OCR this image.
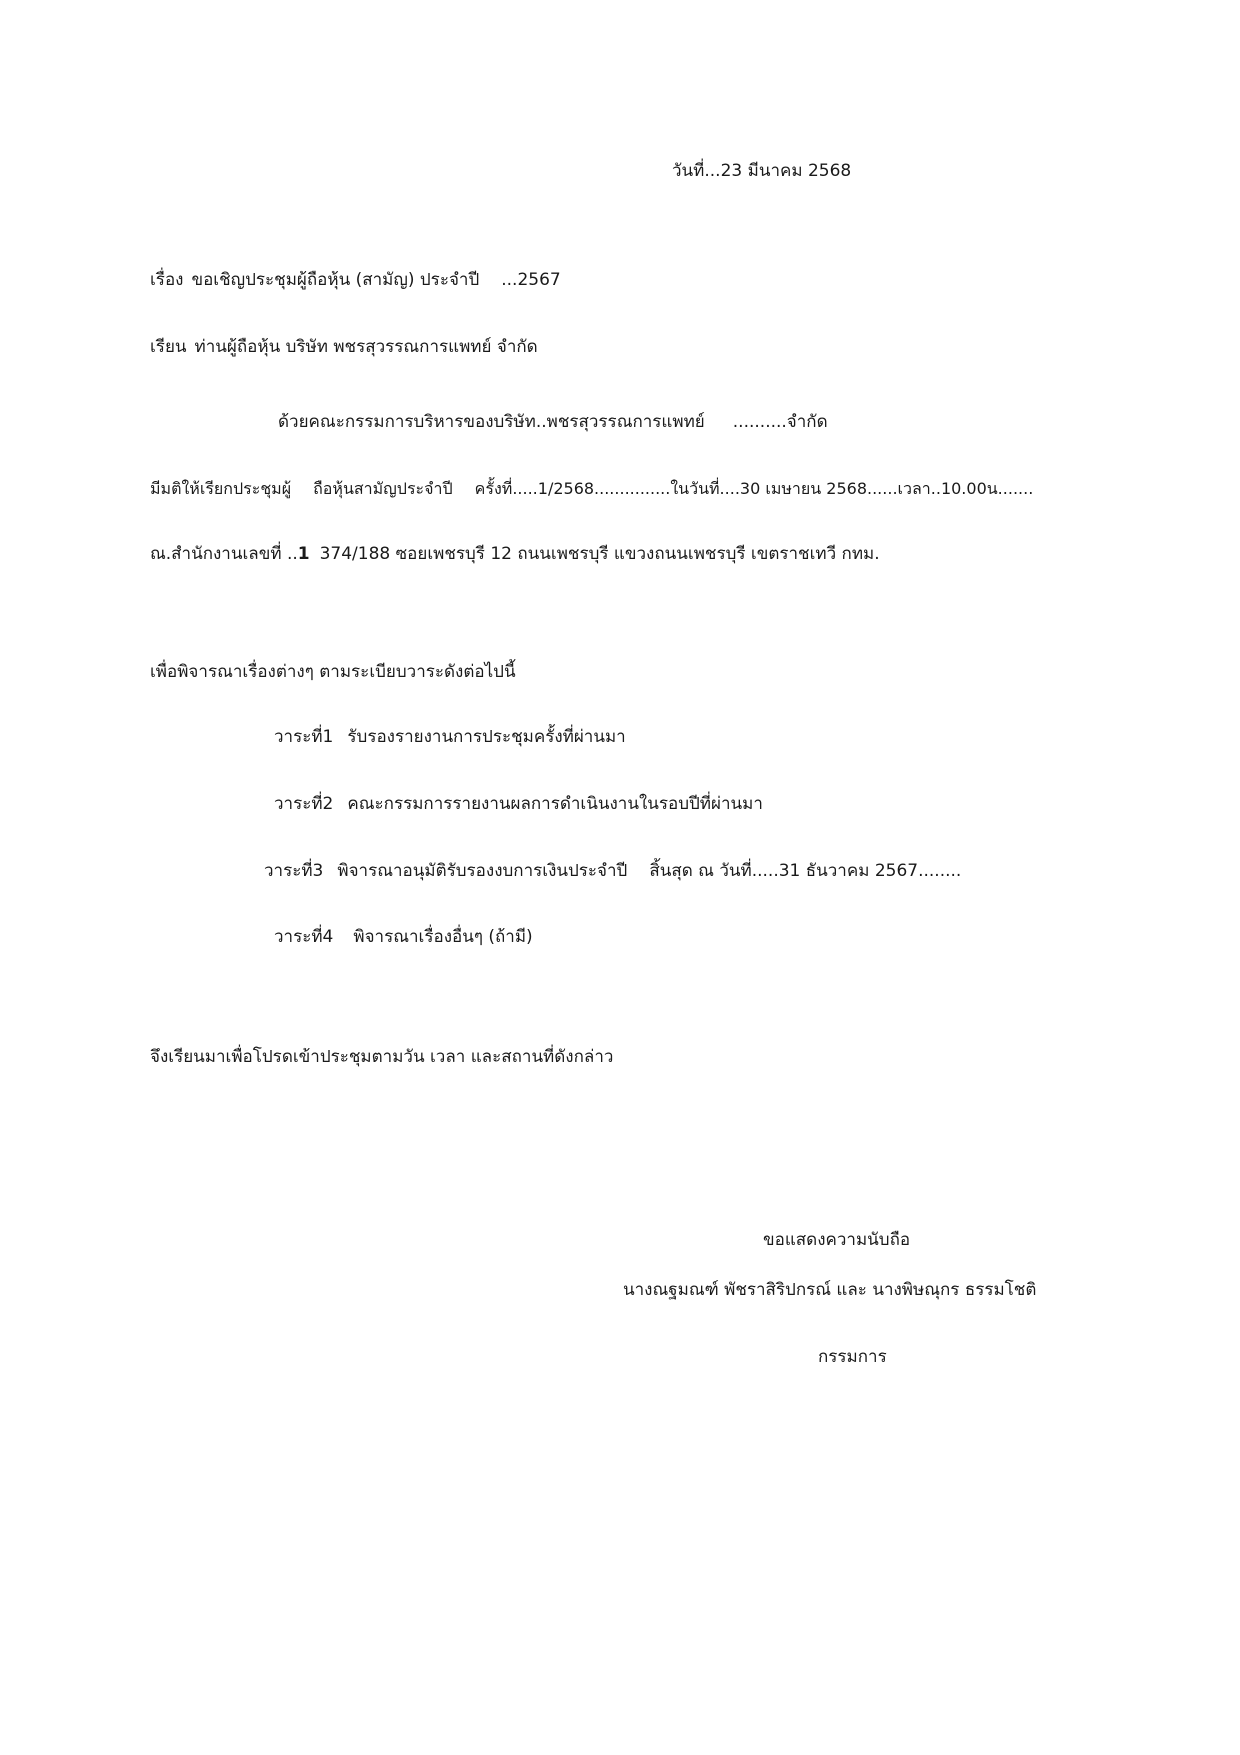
วันที่...23 มีนาคม 2568
เรื่อง ขอเชิญประชุมผู้ถือหุ้น (สามัญ) ประจำปี ...2567
เรียน ท่านผู้ถือหุ้น บริษัท พชรสุวรรณการแพทย์ จำกัด
ด้วยคณะกรรมการบริหารของบริษัท..พชรสุวรรณการแพทย์ ..........จำกัด
มีมติให้เรียกประชุมผู้ ถือหุ้นสามัญประจำปี ครั้งที่.....1/2568...............ในวันที่....30 เมษายน 2568......เวลา..10.00น.......
ณ.สำนักงานเลขที่ ..1 374/188 ซอยเพชรบุรี 12 ถนนเพชรบุรี แขวงถนนเพชรบุรี เขตราชเทวี กทม.
เพื่อพิจารณาเรื่องต่างๆ ตามระเบียบวาระดังต่อไปนี้
วาระที่1 รับรองรายงานการประชุมครั้งที่ผ่านมา
วาระที่2 คณะกรรมการรายงานผลการดำเนินงานในรอบปีที่ผ่านมา
วาระที่3 พิจารณาอนุมัติรับรองงบการเงินประจำปี สิ้นสุด ณ วันที่.....31 ธันวาคม 2567........
วาระที่4 พิจารณาเรื่องอื่นๆ (ถ้ามี)
จึงเรียนมาเพื่อโปรดเข้าประชุมตามวัน เวลา และสถานที่ดังกล่าว
ขอแสดงความนับถือ
นางณฐมณฑ์ พัชราสิริปกรณ์ และ นางพิษณุกร ธรรมโชติ
กรรมการ
